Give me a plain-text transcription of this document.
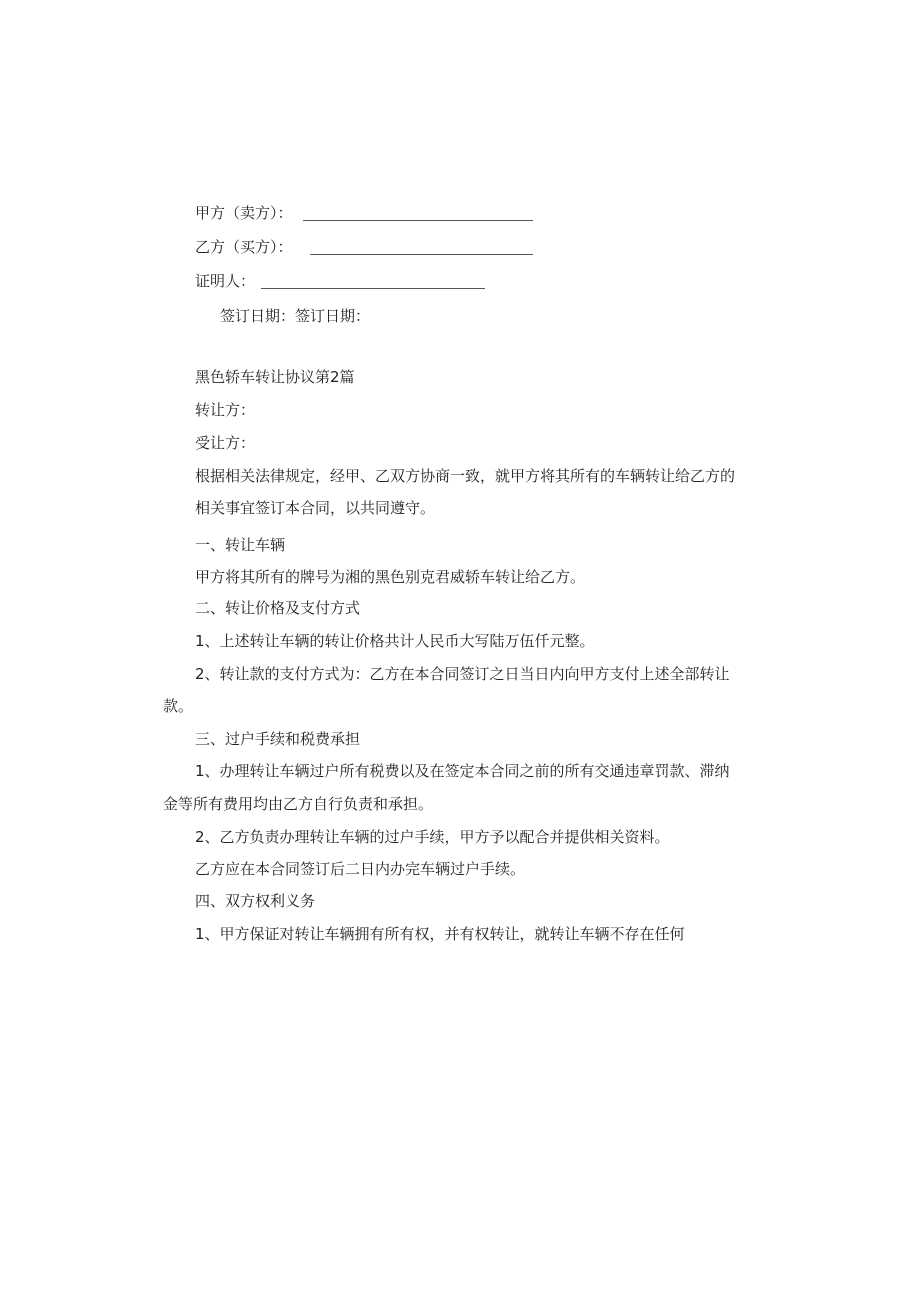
甲方（卖方）：
乙方（买方）：
证明人：
签订日期：签订日期：
黑色轿车转让协议第2篇
转让方：
受让方：
根据相关法律规定，经甲、乙双方协商一致，就甲方将其所有的车辆转让给乙方的
相关事宜签订本合同，以共同遵守。
一、转让车辆
甲方将其所有的牌号为湘的黑色别克君威轿车转让给乙方。
二、转让价格及支付方式
1、上述转让车辆的转让价格共计人民币大写陆万伍仟元整。
2、转让款的支付方式为：乙方在本合同签订之日当日内向甲方支付上述全部转让
款。
三、过户手续和税费承担
1、办理转让车辆过户所有税费以及在签定本合同之前的所有交通违章罚款、滞纳
金等所有费用均由乙方自行负责和承担。
2、乙方负责办理转让车辆的过户手续，甲方予以配合并提供相关资料。
乙方应在本合同签订后二日内办完车辆过户手续。
四、双方权利义务
1、甲方保证对转让车辆拥有所有权，并有权转让，就转让车辆不存在任何
